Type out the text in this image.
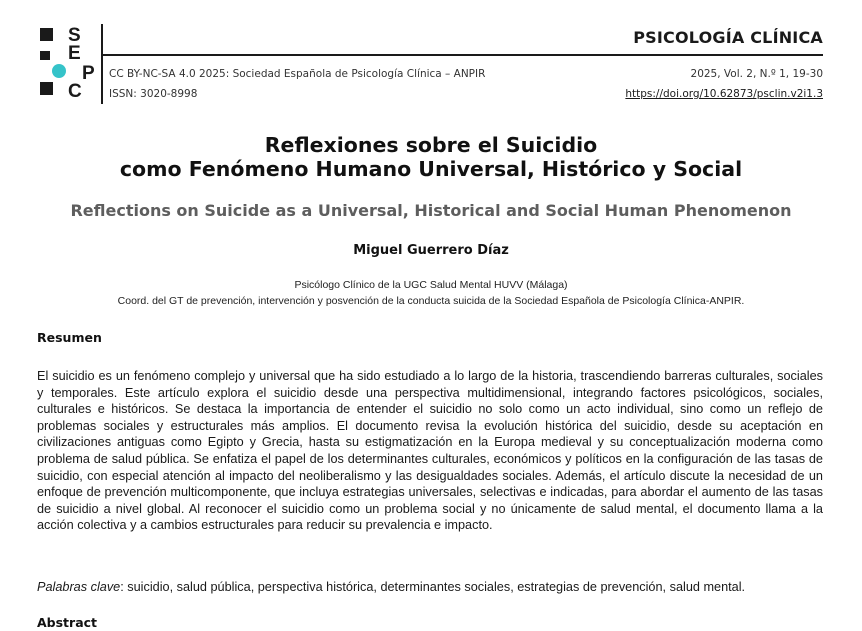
S
E
P
C
PSICOLOGÍA CLÍNICA
CC BY-NC-SA 4.0 2025: Sociedad Española de Psicología Clínica – ANPIR
ISSN: 3020-8998
2025, Vol. 2, N.º 1, 19-30
https://doi.org/10.62873/psclin.v2i1.3
Reflexiones sobre el Suicidio
como Fenómeno Humano Universal, Histórico y Social
Reflections on Suicide as a Universal, Historical and Social Human Phenomenon
Miguel Guerrero Díaz
Psicólogo Clínico de la UGC Salud Mental HUVV (Málaga)
Coord. del GT de prevención, intervención y posvención de la conducta suicida de la Sociedad Española de Psicología Clínica-ANPIR.
Resumen
El suicidio es un fenómeno complejo y universal que ha sido estudiado a lo largo de la historia, trascendiendo barreras culturales, sociales y temporales. Este artículo explora el suicidio desde una perspectiva multidimensional, integrando factores psicológicos, sociales, culturales e históricos. Se destaca la importancia de entender el suicidio no solo como un acto individual, sino como un reflejo de problemas sociales y estructurales más amplios. El documento revisa la evolución histórica del suicidio, desde su aceptación en civilizaciones antiguas como Egipto y Grecia, hasta su estigmatización en la Europa medieval y su conceptualización moderna como problema de salud pública. Se enfatiza el papel de los determinantes culturales, económicos y políticos en la configuración de las tasas de suicidio, con especial atención al impacto del neoliberalismo y las desigualdades sociales. Además, el artículo discute la necesidad de un enfoque de prevención multicomponente, que incluya estrategias universales, selectivas e indicadas, para abordar el aumento de las tasas de suicidio a nivel global. Al reconocer el suicidio como un problema social y no únicamente de salud mental, el documento llama a la acción colectiva y a cambios estructurales para reducir su prevalencia e impacto.
Palabras clave: suicidio, salud pública, perspectiva histórica, determinantes sociales, estrategias de prevención, salud mental.
Abstract
